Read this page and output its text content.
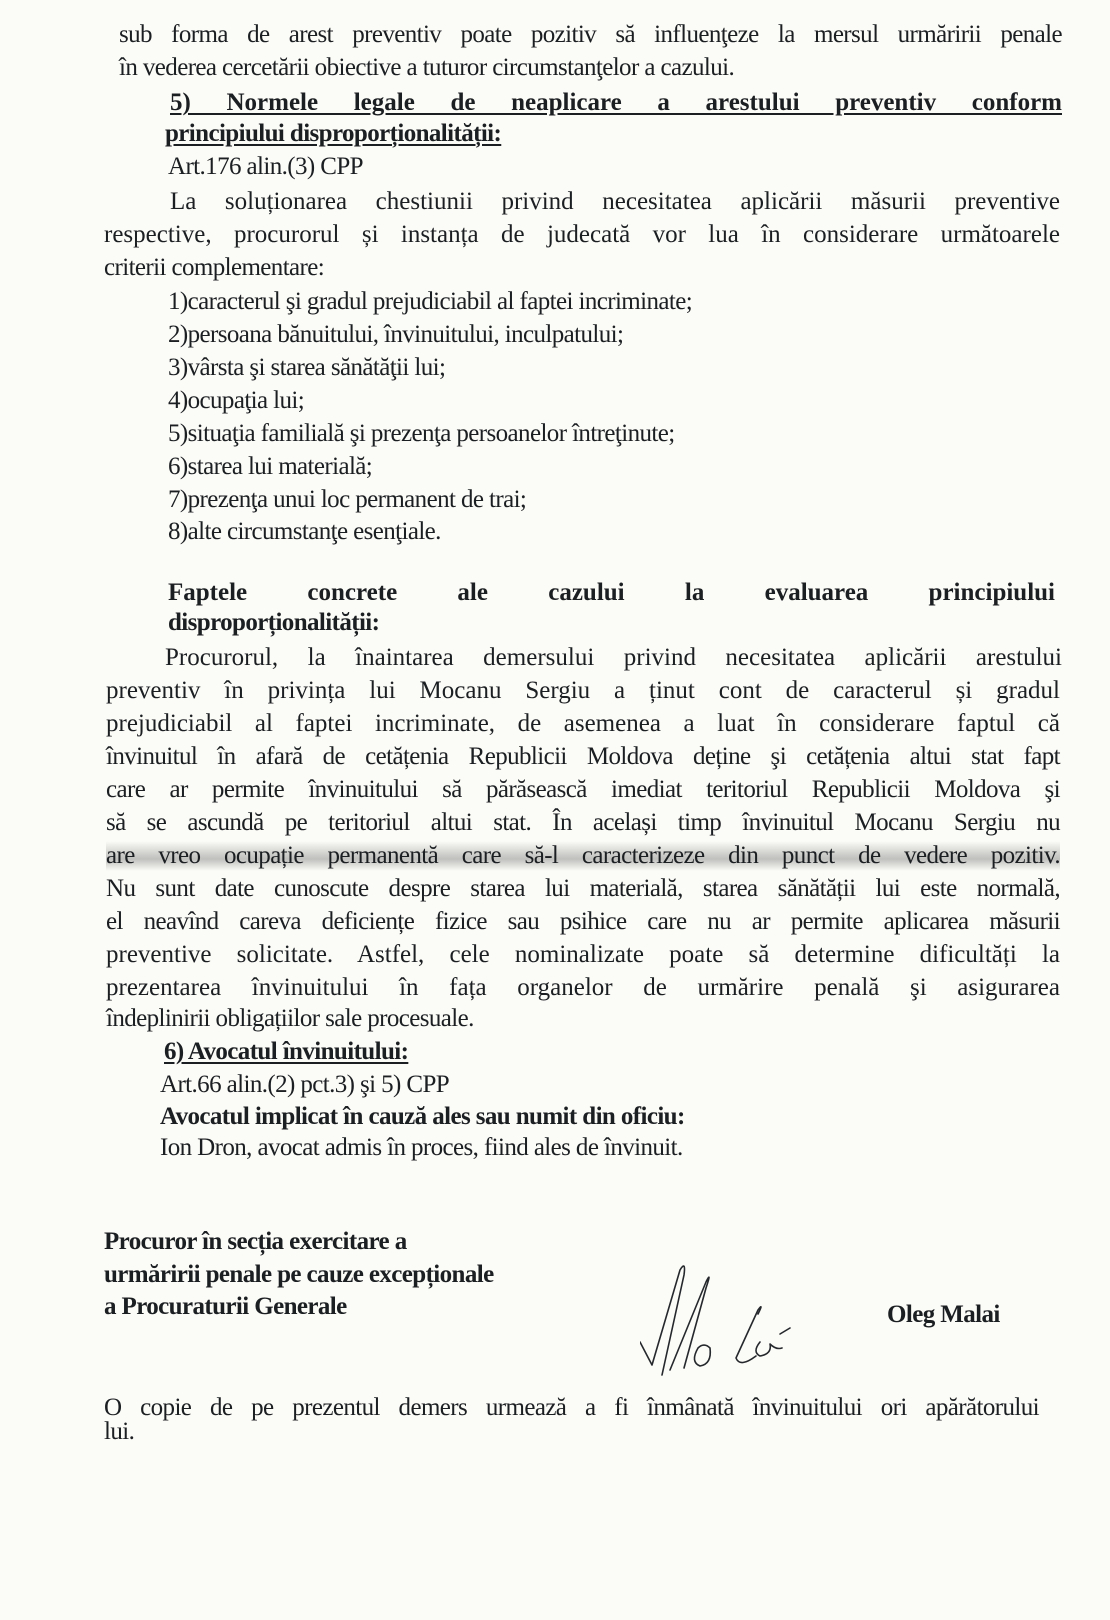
sub forma de arest preventiv poate pozitiv să influenţeze la mersul urmăririi penale
în vederea cercetării obiective a tuturor circumstanţelor a cazului.
5) Normele legale de neaplicare a arestului preventiv conform
principiului disproporționalității:
Art.176 alin.(3) CPP
La soluționarea chestiunii privind necesitatea aplicării măsurii preventive
respective, procurorul și instanța de judecată vor lua în considerare următoarele
criterii complementare:
1)caracterul şi gradul prejudiciabil al faptei incriminate;
2)persoana bănuitului, învinuitului, inculpatului;
3)vârsta şi starea sănătăţii lui;
4)ocupaţia lui;
5)situaţia familială şi prezenţa persoanelor întreţinute;
6)starea lui materială;
7)prezenţa unui loc permanent de trai;
8)alte circumstanţe esenţiale.
Faptele concrete ale cazului la evaluarea principiului
disproporționalității:
Procurorul, la înaintarea demersului privind necesitatea aplicării arestului
preventiv în privința lui Mocanu Sergiu a ținut cont de caracterul și gradul
prejudiciabil al faptei incriminate, de asemenea a luat în considerare faptul că
învinuitul în afară de cetățenia Republicii Moldova deține şi cetățenia altui stat fapt
care ar permite învinuitului să părăsească imediat teritoriul Republicii Moldova şi
să se ascundă pe teritoriul altui stat. În același timp învinuitul Mocanu Sergiu nu
are vreo ocupație permanentă care să-l caracterizeze din punct de vedere pozitiv.
Nu sunt date cunoscute despre starea lui materială, starea sănătății lui este normală,
el neavînd careva deficiențe fizice sau psihice care nu ar permite aplicarea măsurii
preventive solicitate. Astfel, cele nominalizate poate să determine dificultăți la
prezentarea învinuitului în fața organelor de urmărire penală şi asigurarea
îndeplinirii obligațiilor sale procesuale.
6) Avocatul învinuitului:
Art.66 alin.(2) pct.3) şi 5) CPP
Avocatul implicat în cauză ales sau numit din oficiu:
Ion Dron, avocat admis în proces, fiind ales de învinuit.
Procuror în secția exercitare a
urmăririi penale pe cauze excepționale
a Procuraturii Generale	Oleg Malai
O copie de pe prezentul demers urmează a fi înmânată învinuitului ori apărătorului
lui.
